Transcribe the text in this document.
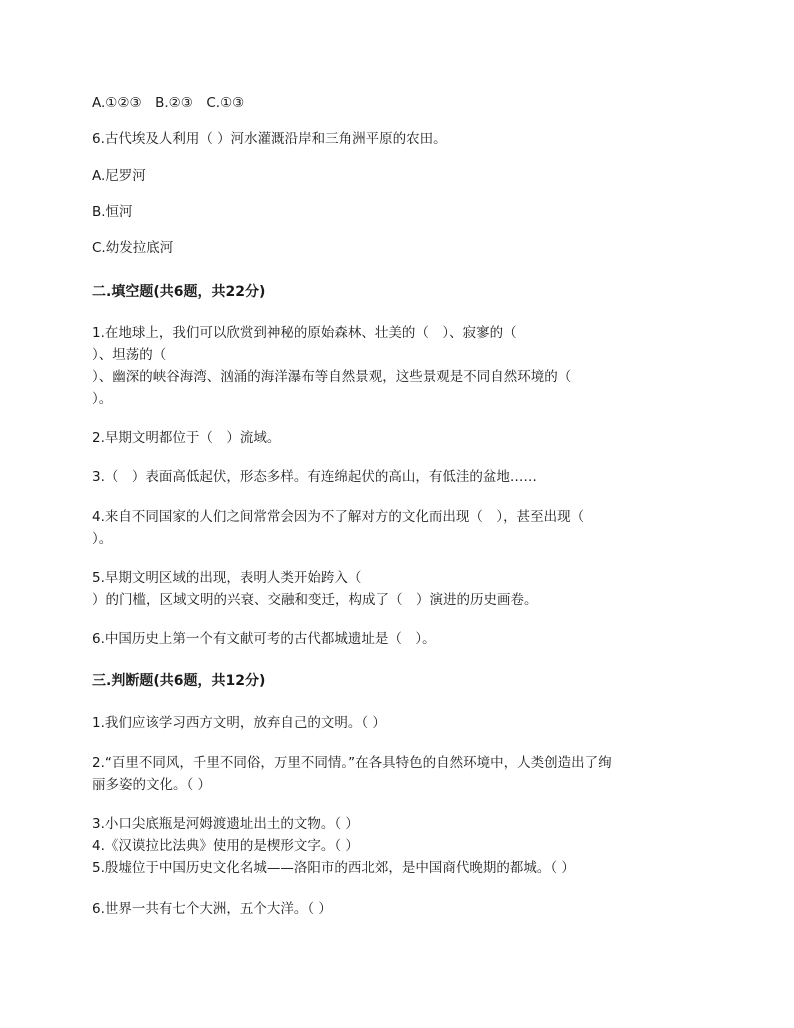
A.①②③　B.②③　C.①③
6.古代埃及人利用（ ）河水灌溉沿岸和三角洲平原的农田。
A.尼罗河
B.恒河
C.幼发拉底河
二.填空题(共6题，共22分)
1.在地球上，我们可以欣赏到神秘的原始森林、壮美的（　）、寂寥的（
）、坦荡的（
）、幽深的峡谷海湾、汹涌的海洋瀑布等自然景观，这些景观是不同自然环境的（
）。
2.早期文明都位于（　）流域。
3.（　）表面高低起伏，形态多样。有连绵起伏的高山，有低洼的盆地……
4.来自不同国家的人们之间常常会因为不了解对方的文化而出现（　），甚至出现（
）。
5.早期文明区域的出现，表明人类开始跨入（
）的门槛，区域文明的兴衰、交融和变迁，构成了（　）演进的历史画卷。
6.中国历史上第一个有文献可考的古代都城遗址是（　）。
三.判断题(共6题，共12分)
1.我们应该学习西方文明，放弃自己的文明。（ ）
2.“百里不同风，千里不同俗，万里不同情。”在各具特色的自然环境中，人类创造出了绚
丽多姿的文化。（ ）
3.小口尖底瓶是河姆渡遗址出土的文物。（ ）
4.《汉谟拉比法典》使用的是楔形文字。（ ）
5.殷墟位于中国历史文化名城——洛阳市的西北郊，是中国商代晚期的都城。（ ）
6.世界一共有七个大洲，五个大洋。（ ）
